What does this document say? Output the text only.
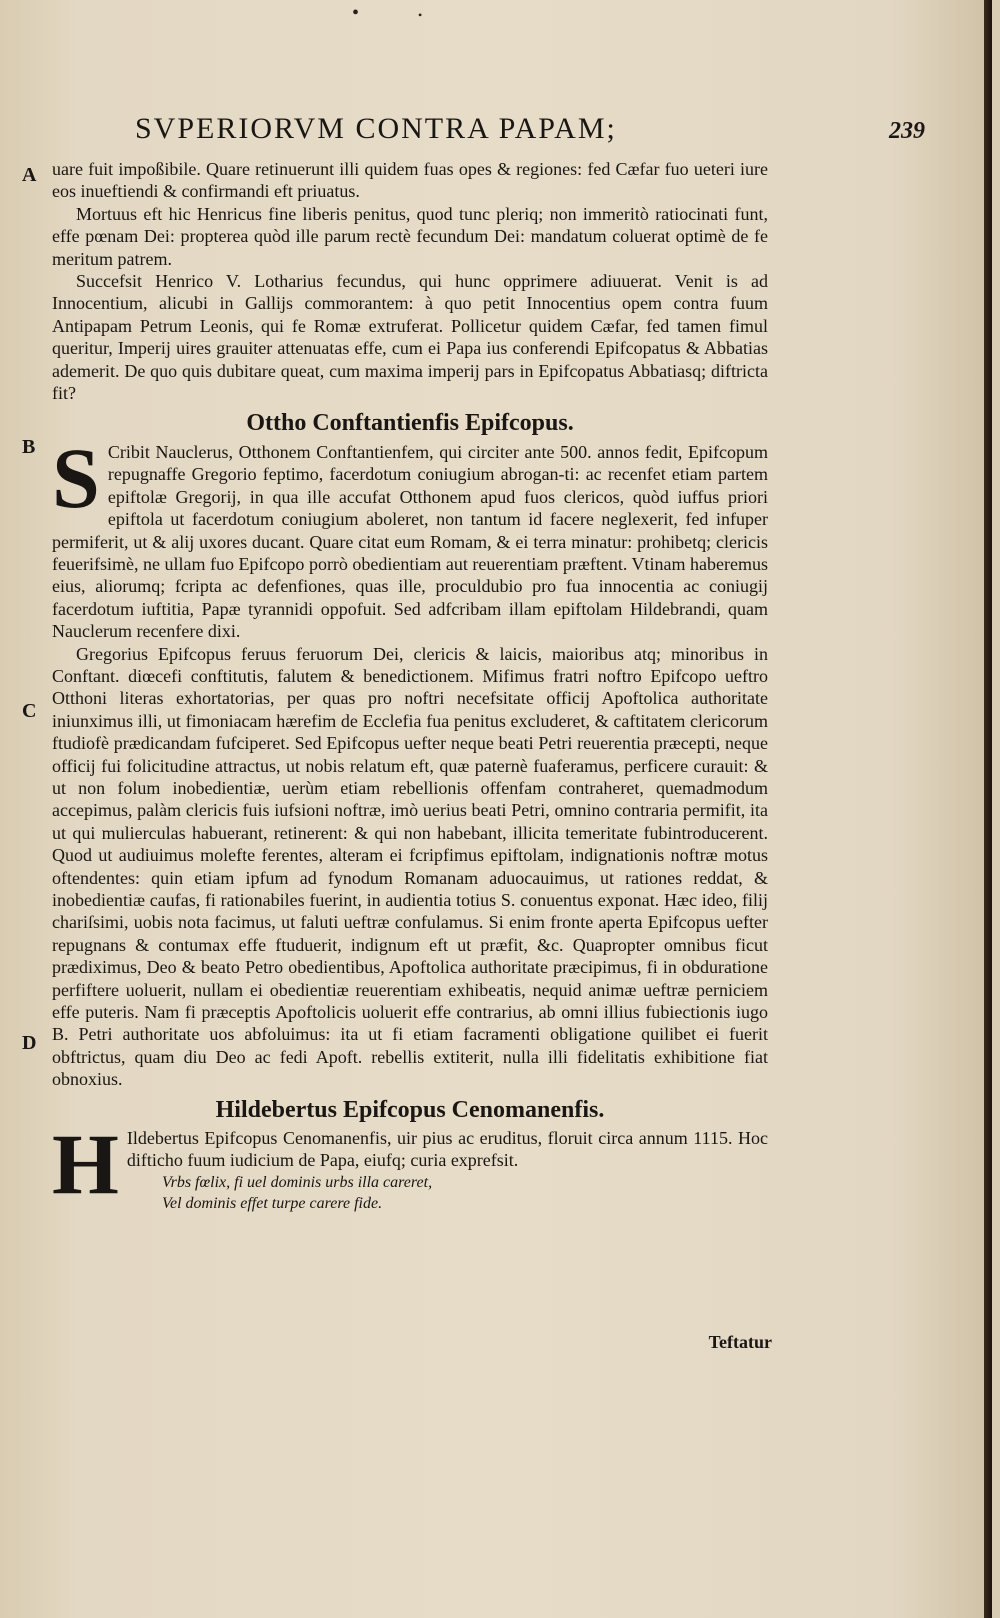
•	•
SVPERIORVM CONTRA PAPAM;	239
A
B
C
D

uare fuit impoßibile. Quare retinuerunt illi quidem fuas opes & regiones: fed Cæfar fuo ueteri iure eos inueftiendi & confirmandi eft priuatus.

Mortuus eft hic Henricus fine liberis penitus, quod tunc pleriq; non immeritò ratiocinati funt, effe pœnam Dei: propterea quòd ille parum rectè fecundum Dei: mandatum coluerat optimè de fe meritum patrem.

Succefsit Henrico V. Lotharius fecundus, qui hunc opprimere adiuuerat. Venit is ad Innocentium, alicubi in Gallijs commorantem: à quo petit Innocentius opem contra fuum Antipapam Petrum Leonis, qui fe Romæ extruferat. Pollicetur quidem Cæfar, fed tamen fimul queritur, Imperij uires grauiter attenuatas effe, cum ei Papa ius conferendi Epifcopatus & Abbatias ademerit. De quo quis dubitare queat, cum maxima imperij pars in Epifcopatus Abbatiasq; diftricta fit?

Ottho Conftantienfis Epifcopus.
S Cribit Nauclerus, Otthonem Conftantienfem, qui circiter ante 500. annos fedit, Epifcopum repugnaffe Gregorio feptimo, facerdotum coniugium abrogan-ti: ac recenfet etiam partem epiftolæ Gregorij, in qua ille accufat Otthonem apud fuos clericos, quòd iuffus priori epiftola ut facerdotum coniugium aboleret, non tantum id facere neglexerit, fed infuper permiferit, ut & alij uxores ducant. Quare citat eum Romam, & ei terra minatur: prohibetq; clericis feuerifsimè, ne ullam fuo Epifcopo porrò obedientiam aut reuerentiam præftent. Vtinam haberemus eius, aliorumq; fcripta ac defenfiones, quas ille, proculdubio pro fua innocentia ac coniugij facerdotum iuftitia, Papæ tyrannidi oppofuit. Sed adfcribam illam epiftolam Hildebrandi, quam Nauclerum recenfere dixi.

Gregorius Epifcopus feruus feruorum Dei, clericis & laicis, maioribus atq; minoribus in Conftant. diœcefi conftitutis, falutem & benedictionem. Mifimus fratri noftro Epifcopo ueftro Otthoni literas exhortatorias, per quas pro noftri necefsitate officij Apoftolica authoritate iniunximus illi, ut fimoniacam hærefim de Ecclefia fua penitus excluderet, & caftitatem clericorum ftudiofè prædicandam fufciperet. Sed Epifcopus uefter neque beati Petri reuerentia præcepti, neque officij fui folicitudine attractus, ut nobis relatum eft, quæ paternè fuaferamus, perficere curauit: & ut non folum inobedientiæ, uerùm etiam rebellionis offenfam contraheret, quemadmodum accepimus, palàm clericis fuis iufsioni noftræ, imò uerius beati Petri, omnino contraria permifit, ita ut qui mulierculas habuerant, retinerent: & qui non habebant, illicita temeritate fubintroducerent. Quod ut audiuimus molefte ferentes, alteram ei fcripfimus epiftolam, indignationis noftræ motus oftendentes: quin etiam ipfum ad fynodum Romanam aduocauimus, ut rationes reddat, & inobedientiæ caufas, fi rationabiles fuerint, in audientia totius S. conuentus exponat. Hæc ideo, filij chariſsimi, uobis nota facimus, ut faluti ueftræ confulamus. Si enim fronte aperta Epifcopus uefter repugnans & contumax effe ftuduerit, indignum eft ut præfit, &c. Quapropter omnibus ficut prædiximus, Deo & beato Petro obedientibus, Apoftolica authoritate præcipimus, fi in obduratione perfiftere uoluerit, nullam ei obedientiæ reuerentiam exhibeatis, nequid animæ ueftræ perniciem effe puteris. Nam fi præceptis Apoftolicis uoluerit effe contrarius, ab omni illius fubiectionis iugo B. Petri authoritate uos abfoluimus: ita ut fi etiam facramenti obligatione quilibet ei fuerit obftrictus, quam diu Deo ac fedi Apoft. rebellis extiterit, nulla illi fidelitatis exhibitione fiat obnoxius.

Hildebertus Epifcopus Cenomanenfis.
H Ildebertus Epifcopus Cenomanenfis, uir pius ac eruditus, floruit circa annum 1115. Hoc difticho fuum iudicium de Papa, eiufq; curia exprefsit.
Vrbs fœlix, fi uel dominis urbs illa careret,
Vel dominis effet turpe carere fide.
Teftatur
